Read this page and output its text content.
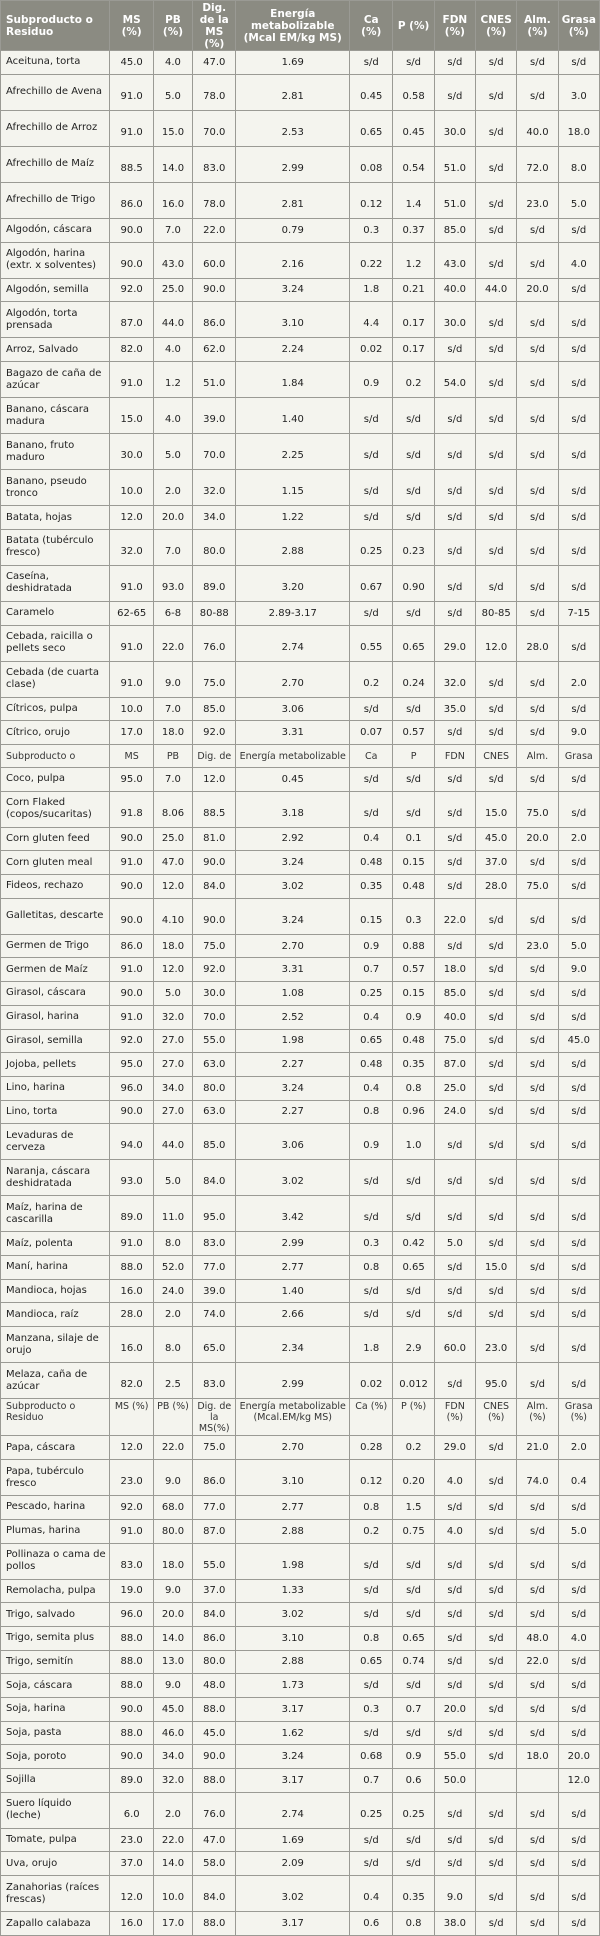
Subproducto o Residuo	MS (%)	PB (%)	Dig. de la MS (%)	Energía metabolizable (Mcal EM/kg MS)	Ca (%)	P (%)	FDN (%)	CNES (%)	Alm. (%)	Grasa (%)
Aceituna, torta	45.0	4.0	47.0	1.69	s/d	s/d	s/d	s/d	s/d	s/d
Afrechillo de Avena	91.0	5.0	78.0	2.81	0.45	0.58	s/d	s/d	s/d	3.0
Afrechillo de Arroz	91.0	15.0	70.0	2.53	0.65	0.45	30.0	s/d	40.0	18.0
Afrechillo de Maíz	88.5	14.0	83.0	2.99	0.08	0.54	51.0	s/d	72.0	8.0
Afrechillo de Trigo	86.0	16.0	78.0	2.81	0.12	1.4	51.0	s/d	23.0	5.0
Algodón, cáscara	90.0	7.0	22.0	0.79	0.3	0.37	85.0	s/d	s/d	s/d
Algodón, harina (extr. x solventes)	90.0	43.0	60.0	2.16	0.22	1.2	43.0	s/d	s/d	4.0
Algodón, semilla	92.0	25.0	90.0	3.24	1.8	0.21	40.0	44.0	20.0	s/d
Algodón, torta prensada	87.0	44.0	86.0	3.10	4.4	0.17	30.0	s/d	s/d	s/d
Arroz, Salvado	82.0	4.0	62.0	2.24	0.02	0.17	s/d	s/d	s/d	s/d
Bagazo de caña de azúcar	91.0	1.2	51.0	1.84	0.9	0.2	54.0	s/d	s/d	s/d
Banano, cáscara madura	15.0	4.0	39.0	1.40	s/d	s/d	s/d	s/d	s/d	s/d
Banano, fruto maduro	30.0	5.0	70.0	2.25	s/d	s/d	s/d	s/d	s/d	s/d
Banano, pseudo tronco	10.0	2.0	32.0	1.15	s/d	s/d	s/d	s/d	s/d	s/d
Batata, hojas	12.0	20.0	34.0	1.22	s/d	s/d	s/d	s/d	s/d	s/d
Batata (tubérculo fresco)	32.0	7.0	80.0	2.88	0.25	0.23	s/d	s/d	s/d	s/d
Caseína, deshidratada	91.0	93.0	89.0	3.20	0.67	0.90	s/d	s/d	s/d	s/d
Caramelo	62-65	6-8	80-88	2.89-3.17	s/d	s/d	s/d	80-85	s/d	7-15
Cebada, raicilla o pellets seco	91.0	22.0	76.0	2.74	0.55	0.65	29.0	12.0	28.0	s/d
Cebada (de cuarta clase)	91.0	9.0	75.0	2.70	0.2	0.24	32.0	s/d	s/d	2.0
Cítricos, pulpa	10.0	7.0	85.0	3.06	s/d	s/d	35.0	s/d	s/d	s/d
Cítrico, orujo	17.0	18.0	92.0	3.31	0.07	0.57	s/d	s/d	s/d	9.0
Subproducto o	MS	PB	Dig. de	Energía metabolizable	Ca	P	FDN	CNES	Alm.	Grasa
Coco, pulpa	95.0	7.0	12.0	0.45	s/d	s/d	s/d	s/d	s/d	s/d
Corn Flaked (copos/sucaritas)	91.8	8.06	88.5	3.18	s/d	s/d	s/d	15.0	75.0	s/d
Corn gluten feed	90.0	25.0	81.0	2.92	0.4	0.1	s/d	45.0	20.0	2.0
Corn gluten meal	91.0	47.0	90.0	3.24	0.48	0.15	s/d	37.0	s/d	s/d
Fideos, rechazo	90.0	12.0	84.0	3.02	0.35	0.48	s/d	28.0	75.0	s/d
Galletitas, descarte	90.0	4.10	90.0	3.24	0.15	0.3	22.0	s/d	s/d	s/d
Germen de Trigo	86.0	18.0	75.0	2.70	0.9	0.88	s/d	s/d	23.0	5.0
Germen de Maíz	91.0	12.0	92.0	3.31	0.7	0.57	18.0	s/d	s/d	9.0
Girasol, cáscara	90.0	5.0	30.0	1.08	0.25	0.15	85.0	s/d	s/d	s/d
Girasol, harina	91.0	32.0	70.0	2.52	0.4	0.9	40.0	s/d	s/d	s/d
Girasol, semilla	92.0	27.0	55.0	1.98	0.65	0.48	75.0	s/d	s/d	45.0
Jojoba, pellets	95.0	27.0	63.0	2.27	0.48	0.35	87.0	s/d	s/d	s/d
Lino, harina	96.0	34.0	80.0	3.24	0.4	0.8	25.0	s/d	s/d	s/d
Lino, torta	90.0	27.0	63.0	2.27	0.8	0.96	24.0	s/d	s/d	s/d
Levaduras de cerveza	94.0	44.0	85.0	3.06	0.9	1.0	s/d	s/d	s/d	s/d
Naranja, cáscara deshidratada	93.0	5.0	84.0	3.02	s/d	s/d	s/d	s/d	s/d	s/d
Maíz, harina de cascarilla	89.0	11.0	95.0	3.42	s/d	s/d	s/d	s/d	s/d	s/d
Maíz, polenta	91.0	8.0	83.0	2.99	0.3	0.42	5.0	s/d	s/d	s/d
Maní, harina	88.0	52.0	77.0	2.77	0.8	0.65	s/d	15.0	s/d	s/d
Mandioca, hojas	16.0	24.0	39.0	1.40	s/d	s/d	s/d	s/d	s/d	s/d
Mandioca, raíz	28.0	2.0	74.0	2.66	s/d	s/d	s/d	s/d	s/d	s/d
Manzana, silaje de orujo	16.0	8.0	65.0	2.34	1.8	2.9	60.0	23.0	s/d	s/d
Melaza, caña de azúcar	82.0	2.5	83.0	2.99	0.02	0.012	s/d	95.0	s/d	s/d
Subproducto o Residuo	MS (%)	PB (%)	Dig. de la MS(%)	Energía metabolizable (Mcal.EM/kg MS)	Ca (%)	P (%)	FDN (%)	CNES (%)	Alm. (%)	Grasa (%)
Papa, cáscara	12.0	22.0	75.0	2.70	0.28	0.2	29.0	s/d	21.0	2.0
Papa, tubérculo fresco	23.0	9.0	86.0	3.10	0.12	0.20	4.0	s/d	74.0	0.4
Pescado, harina	92.0	68.0	77.0	2.77	0.8	1.5	s/d	s/d	s/d	s/d
Plumas, harina	91.0	80.0	87.0	2.88	0.2	0.75	4.0	s/d	s/d	5.0
Pollinaza o cama de pollos	83.0	18.0	55.0	1.98	s/d	s/d	s/d	s/d	s/d	s/d
Remolacha, pulpa	19.0	9.0	37.0	1.33	s/d	s/d	s/d	s/d	s/d	s/d
Trigo, salvado	96.0	20.0	84.0	3.02	s/d	s/d	s/d	s/d	s/d	s/d
Trigo, semita plus	88.0	14.0	86.0	3.10	0.8	0.65	s/d	s/d	48.0	4.0
Trigo, semitín	88.0	13.0	80.0	2.88	0.65	0.74	s/d	s/d	22.0	s/d
Soja, cáscara	88.0	9.0	48.0	1.73	s/d	s/d	s/d	s/d	s/d	s/d
Soja, harina	90.0	45.0	88.0	3.17	0.3	0.7	20.0	s/d	s/d	s/d
Soja, pasta	88.0	46.0	45.0	1.62	s/d	s/d	s/d	s/d	s/d	s/d
Soja, poroto	90.0	34.0	90.0	3.24	0.68	0.9	55.0	s/d	18.0	20.0
Sojilla	89.0	32.0	88.0	3.17	0.7	0.6	50.0			12.0
Suero líquido (leche)	6.0	2.0	76.0	2.74	0.25	0.25	s/d	s/d	s/d	s/d
Tomate, pulpa	23.0	22.0	47.0	1.69	s/d	s/d	s/d	s/d	s/d	s/d
Uva, orujo	37.0	14.0	58.0	2.09	s/d	s/d	s/d	s/d	s/d	s/d
Zanahorias (raíces frescas)	12.0	10.0	84.0	3.02	0.4	0.35	9.0	s/d	s/d	s/d
Zapallo calabaza	16.0	17.0	88.0	3.17	0.6	0.8	38.0	s/d	s/d	s/d
